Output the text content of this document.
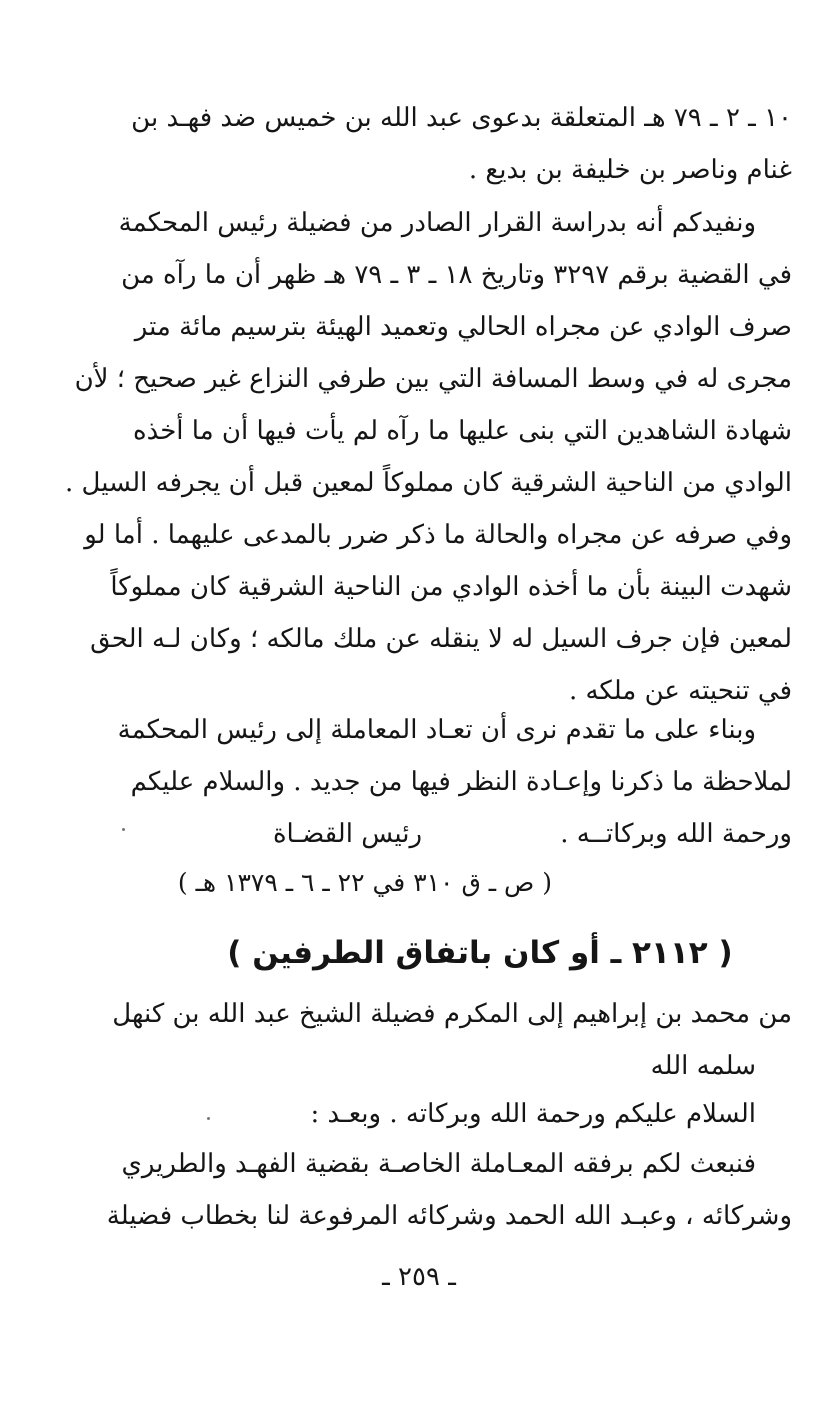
١٠ ـ ٢ ـ ٧٩ هـ المتعلقة بدعوى عبد الله بن خميس ضد فهـد بن
غنام وناصر بن خليفة بن بديع .
ونفيدكم أنه بدراسة القرار الصادر من فضيلة رئيس المحكمة
في القضية برقم ٣٢٩٧ وتاريخ ١٨ ـ ٣ ـ ٧٩ هـ ظهر أن ما رآه من
صرف الوادي عن مجراه الحالي وتعميد الهيئة بترسيم مائة متر
مجرى له في وسط المسافة التي بين طرفي النزاع غير صحيح ؛ لأن
شهادة الشاهدين التي بنى عليها ما رآه لم يأت فيها أن ما أخذه
الوادي من الناحية الشرقية كان مملوكاً لمعين قبل أن يجرفه السيل .
وفي صرفه عن مجراه والحالة ما ذكر ضرر بالمدعى عليهما . أما لو
شهدت البينة بأن ما أخذه الوادي من الناحية الشرقية كان مملوكاً
لمعين فإن جرف السيل له لا ينقله عن ملك مالكه ؛ وكان لـه الحق
في تنحيته عن ملكه .
وبناء على ما تقدم نرى أن تعـاد المعاملة إلى رئيس المحكمة
لملاحظة ما ذكرنا وإعـادة النظر فيها من جديد . والسلام عليكم
ورحمة الله وبركاتــه .
رئيس القضـاة
( ص ـ ق ٣١٠ في ٢٢ ـ ٦ ـ ١٣٧٩ هـ )
( ٢١١٢ ـ أو كان باتفاق الطرفين )
من محمد بن إبراهيم إلى المكرم فضيلة الشيخ عبد الله بن كنهل
سلمه الله
السلام عليكم ورحمة الله وبركاته . وبعـد :
فنبعث لكم برفقه المعـاملة الخاصـة بقضية الفهـد والطريري
وشركائه ، وعبـد الله الحمد وشركائه المرفوعة لنا بخطاب فضيلة
ـ ٢٥٩ ـ
